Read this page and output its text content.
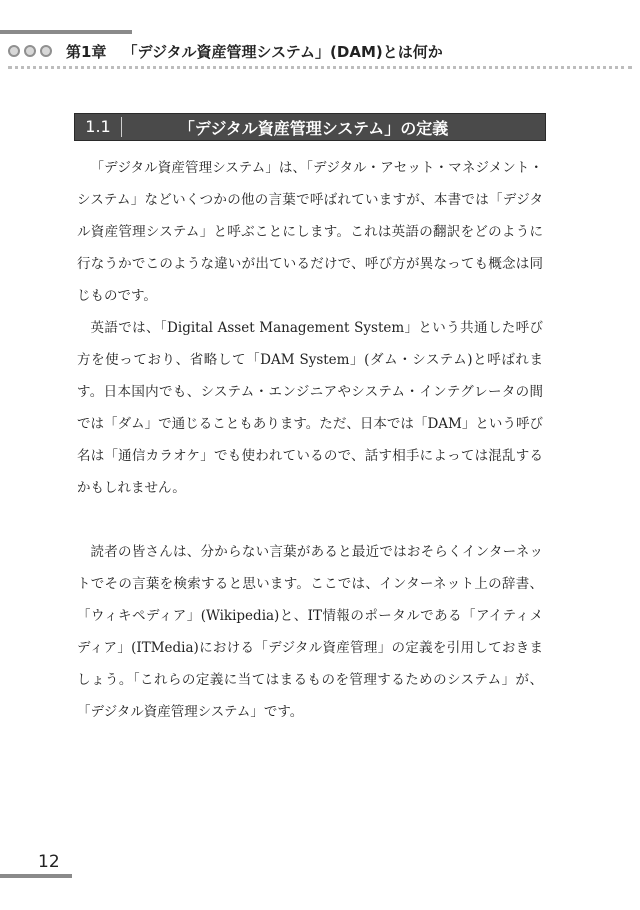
第1章 「デジタル資産管理システム」(DAM)とは何か
1.1	「デジタル資産管理システム」の定義

「デジタル資産管理システム」は、「デジタル・アセット・マネジメント・システム」などいくつかの他の言葉で呼ばれていますが、本書では「デジタル資産管理システム」と呼ぶことにします。これは英語の翻訳をどのように行なうかでこのような違いが出ているだけで、呼び方が異なっても概念は同じものです。

英語では、「Digital Asset Management System」という共通した呼び方を使っており、省略して「DAM System」(ダム・システム)と呼ばれます。日本国内でも、システム・エンジニアやシステム・インテグレータの間では「ダム」で通じることもあります。ただ、日本では「DAM」という呼び名は「通信カラオケ」でも使われているので、話す相手によっては混乱するかもしれません。

読者の皆さんは、分からない言葉があると最近ではおそらくインターネットでその言葉を検索すると思います。ここでは、インターネット上の辞書、「ウィキペディア」(Wikipedia)と、IT情報のポータルである「アイティメディア」(ITMedia)における「デジタル資産管理」の定義を引用しておきましょう。「これらの定義に当てはまるものを管理するためのシステム」が、「デジタル資産管理システム」です。

12
